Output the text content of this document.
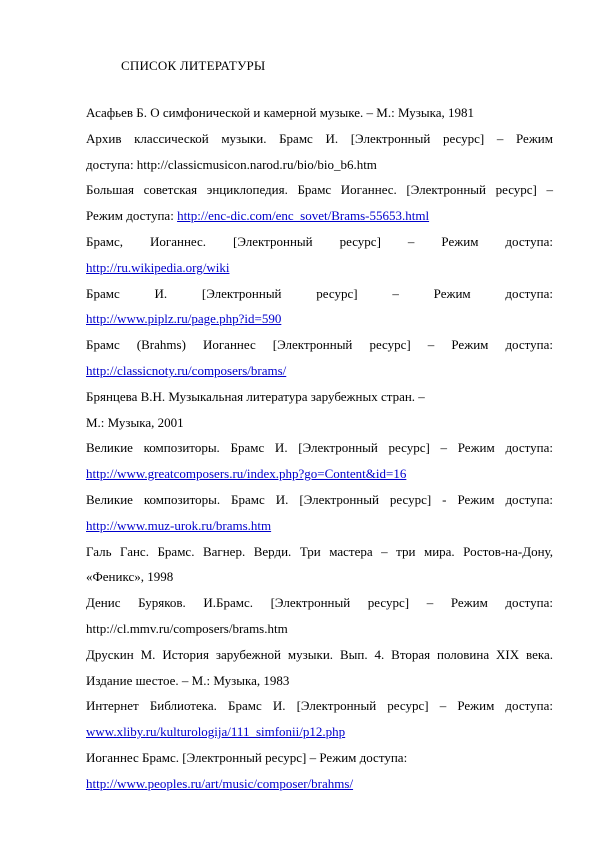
СПИСОК ЛИТЕРАТУРЫ
Асафьев Б. О симфонической и камерной музыке. – М.: Музыка, 1981
Архив классической музыки. Брамс И. [Электронный ресурс] – Режим
доступа: http://classicmusicon.narod.ru/bio/bio_b6.htm
Большая советская энциклопедия. Брамс Иоганнес. [Электронный ресурс] –
Режим доступа: http://enc-dic.com/enc_sovet/Brams-55653.html
Брамс, Иоганнес. [Электронный ресурс] – Режим доступа:
http://ru.wikipedia.org/wiki
Брамс И. [Электронный ресурс] – Режим доступа:
http://www.piplz.ru/page.php?id=590
Брамс (Brahms) Иоганнес [Электронный ресурс] – Режим доступа:
http://classicnoty.ru/composers/brams/
Брянцева В.Н. Музыкальная литература зарубежных стран. –
М.: Музыка, 2001
Великие композиторы. Брамс И. [Электронный ресурс] – Режим доступа:
http://www.greatcomposers.ru/index.php?go=Content&id=16
Великие композиторы. Брамс И. [Электронный ресурс] - Режим доступа:
http://www.muz-urok.ru/brams.htm
Галь Ганс. Брамс. Вагнер. Верди. Три мастера – три мира. Ростов-на-Дону,
«Феникс», 1998
Денис Буряков. И.Брамс. [Электронный ресурс] – Режим доступа:
http://cl.mmv.ru/composers/brams.htm
Друскин М. История зарубежной музыки. Вып. 4. Вторая половина XIX века.
Издание шестое. – М.: Музыка, 1983
Интернет Библиотека. Брамс И. [Электронный ресурс] – Режим доступа:
www.xliby.ru/kulturologija/111_simfonii/p12.php
Иоганнес Брамс. [Электронный ресурс] – Режим доступа:
http://www.peoples.ru/art/music/composer/brahms/
